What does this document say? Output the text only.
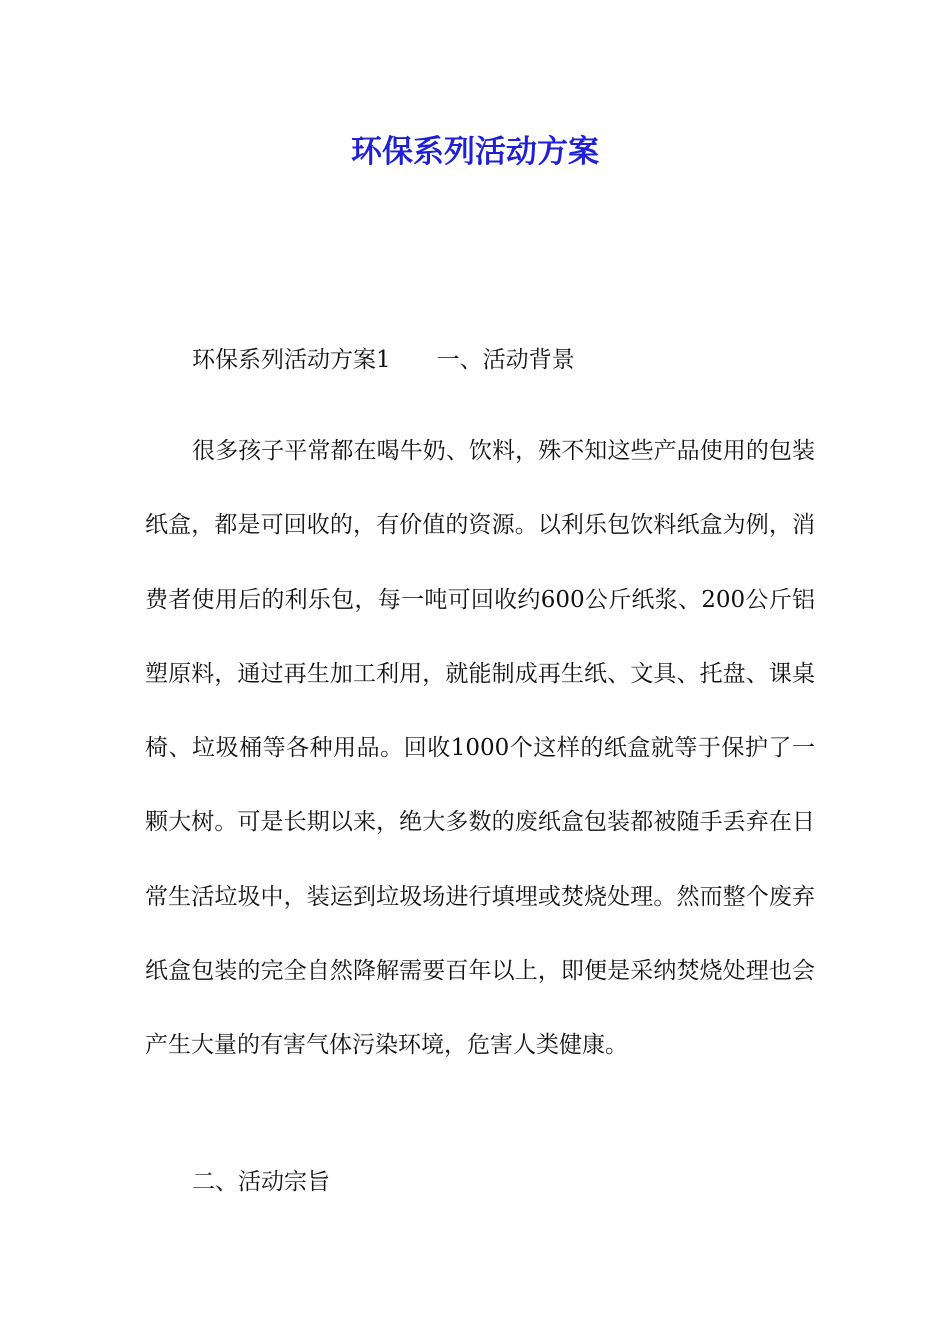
环保系列活动方案

环保系列活动方案1　　一、活动背景

很多孩子平常都在喝牛奶、饮料，殊不知这些产品使用的包装纸盒，都是可回收的，有价值的资源。以利乐包饮料纸盒为例，消费者使用后的利乐包，每一吨可回收约600公斤纸浆、200公斤铝塑原料，通过再生加工利用，就能制成再生纸、文具、托盘、课桌椅、垃圾桶等各种用品。回收1000个这样的纸盒就等于保护了一颗大树。可是长期以来，绝大多数的废纸盒包装都被随手丢弃在日常生活垃圾中，装运到垃圾场进行填埋或焚烧处理。然而整个废弃纸盒包装的完全自然降解需要百年以上，即便是采纳焚烧处理也会产生大量的有害气体污染环境，危害人类健康。

二、活动宗旨
